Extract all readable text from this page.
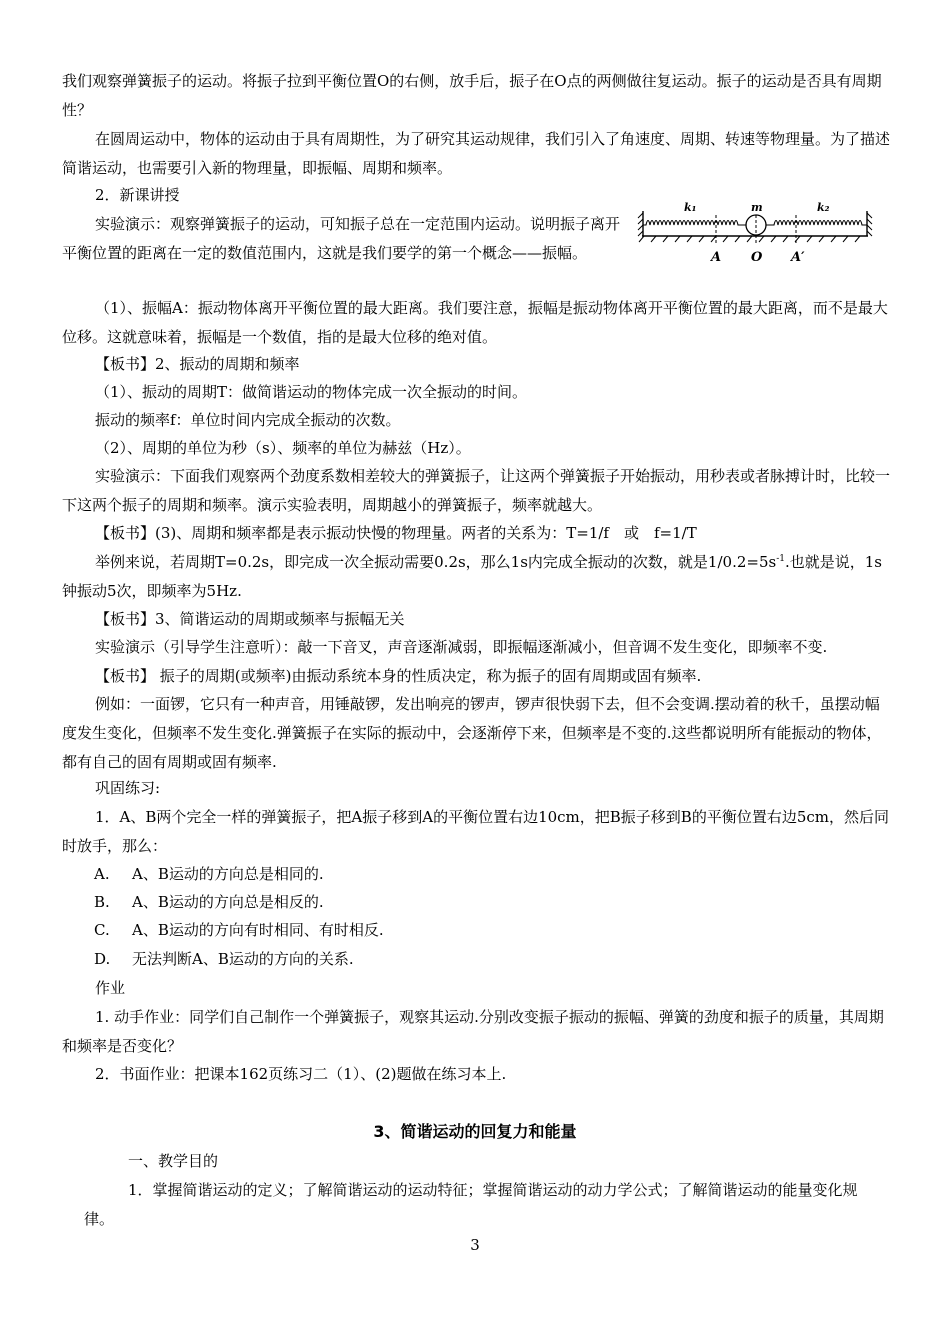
我们观察弹簧振子的运动。将振子拉到平衡位置O的右侧，放手后，振子在O点的两侧做往复运动。振子的运动是否具有周期性？

在圆周运动中，物体的运动由于具有周期性，为了研究其运动规律，我们引入了角速度、周期、转速等物理量。为了描述简谐运动，也需要引入新的物理量，即振幅、周期和频率。

2．新课讲授

实验演示：观察弹簧振子的运动，可知振子总在一定范围内运动。说明振子离开平衡位置的距离在一定的数值范围内，这就是我们要学的第一个概念——振幅。

k₁	m	k₂
A O A′

（1）、振幅A：振动物体离开平衡位置的最大距离。我们要注意，振幅是振动物体离开平衡位置的最大距离，而不是最大位移。这就意味着，振幅是一个数值，指的是最大位移的绝对值。

【板书】2、振动的周期和频率

（1）、振动的周期T：做简谐运动的物体完成一次全振动的时间。

振动的频率f：单位时间内完成全振动的次数。

（2）、周期的单位为秒（s）、频率的单位为赫兹（Hz）。

实验演示：下面我们观察两个劲度系数相差较大的弹簧振子，让这两个弹簧振子开始振动，用秒表或者脉搏计时，比较一下这两个振子的周期和频率。演示实验表明，周期越小的弹簧振子，频率就越大。

【板书】(3)、周期和频率都是表示振动快慢的物理量。两者的关系为：T=1/f　或　f=1/T

举例来说，若周期T=0.2s，即完成一次全振动需要0.2s，那么1s内完成全振动的次数，就是$1/0.2=5s^{-1}$.也就是说，1s钟振动5次，即频率为5Hz.

【板书】3、简谐运动的周期或频率与振幅无关

实验演示（引导学生注意听）：敲一下音叉，声音逐渐减弱，即振幅逐渐减小，但音调不发生变化，即频率不变.

【板书】 振子的周期(或频率)由振动系统本身的性质决定，称为振子的固有周期或固有频率.

例如：一面锣，它只有一种声音，用锤敲锣，发出响亮的锣声，锣声很快弱下去，但不会变调.摆动着的秋千，虽摆动幅度发生变化，但频率不发生变化.弹簧振子在实际的振动中，会逐渐停下来，但频率是不变的.这些都说明所有能振动的物体，都有自己的固有周期或固有频率.

巩固练习:

1．A、B两个完全一样的弹簧振子，把A振子移到A的平衡位置右边10cm，把B振子移到B的平衡位置右边5cm，然后同时放手，那么：

A. A、B运动的方向总是相同的.
B. A、B运动的方向总是相反的.
C. A、B运动的方向有时相同、有时相反.
D. 无法判断A、B运动的方向的关系.

作业

1. 动手作业：同学们自己制作一个弹簧振子，观察其运动.分别改变振子振动的振幅、弹簧的劲度和振子的质量，其周期和频率是否变化？

2．书面作业：把课本162页练习二（1）、(2)题做在练习本上.

3、简谐运动的回复力和能量

一、教学目的

1．掌握简谐运动的定义；了解简谐运动的运动特征；掌握简谐运动的动力学公式；了解简谐运动的能量变化规律。

3
